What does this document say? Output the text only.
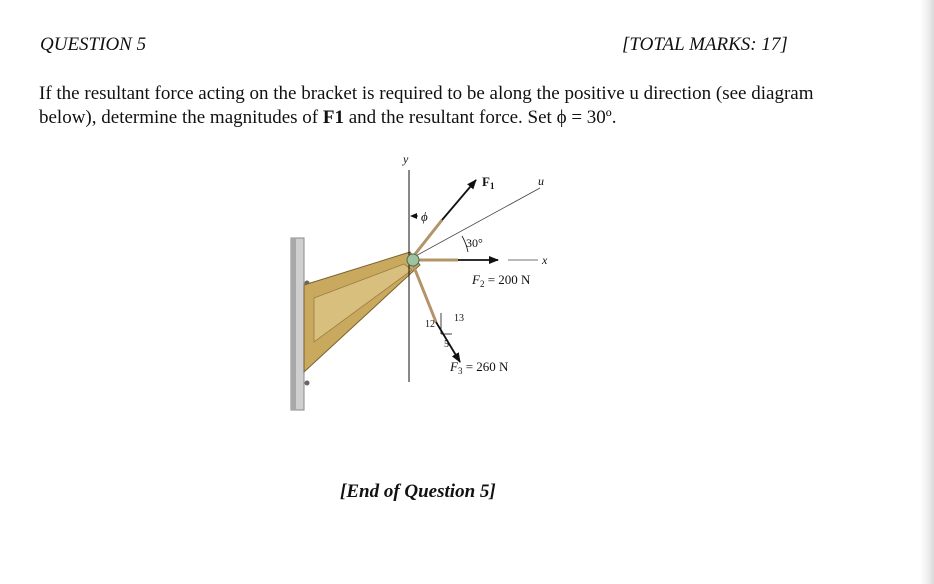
QUESTION 5	[TOTAL MARKS: 17]
If the resultant force acting on the bracket is required to be along the positive u direction (see diagram below), determine the magnitudes of F1 and the resultant force. Set ϕ = 30º.
y
ϕ
u
x
30°
12
13
5
$F_1$
$F_2 = 200$ N
$F_3 = 260$ N
[End of Question 5]
